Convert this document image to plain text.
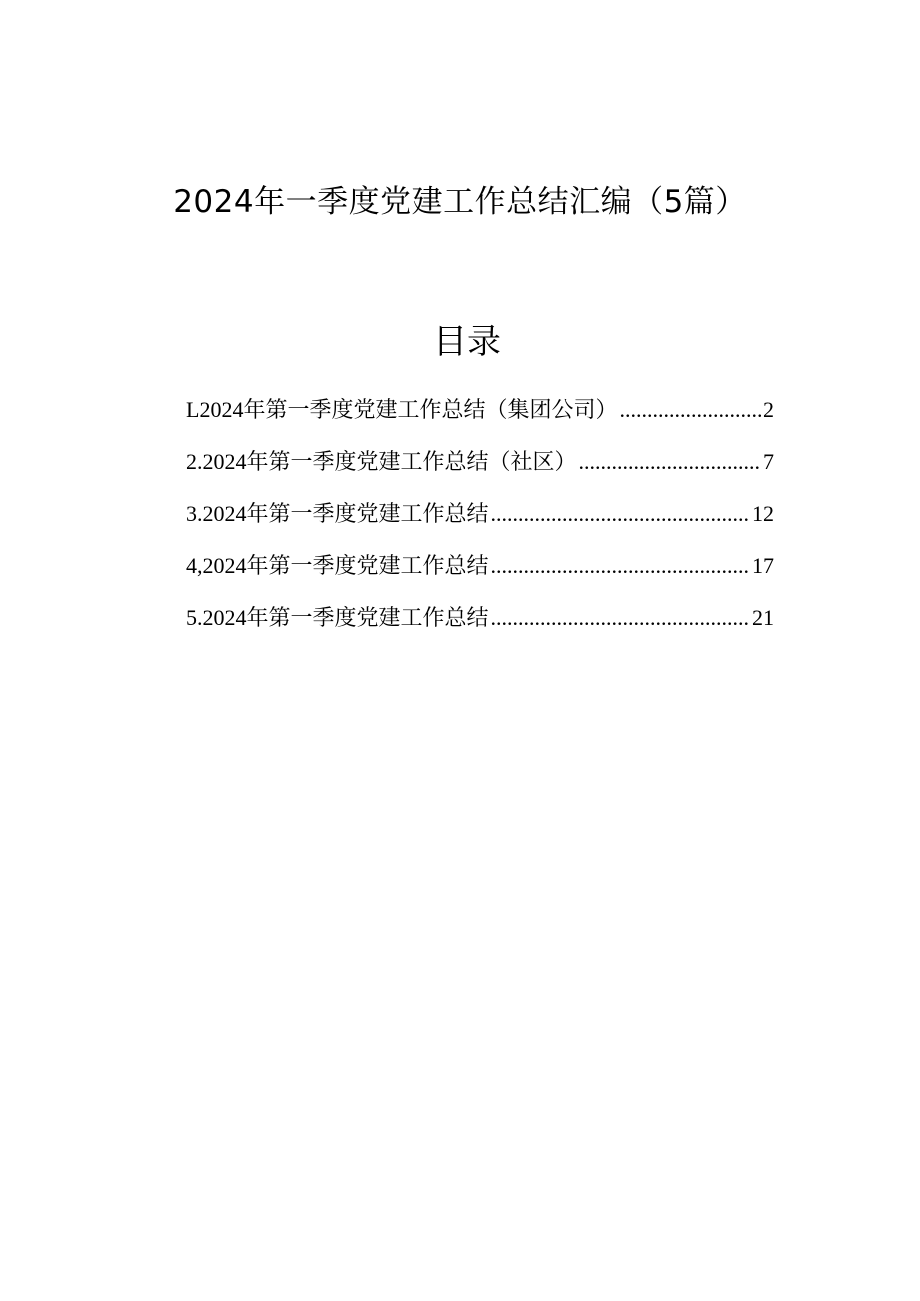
2024年一季度党建工作总结汇编（5篇）
目录
L2024年第一季度党建工作总结（集团公司） .....	2
2.2024年第一季度党建工作总结（社区） .....	7
3.2024年第一季度党建工作总结 .....	12
4,2024年第一季度党建工作总结 .....	17
5.2024年第一季度党建工作总结 .....	21
